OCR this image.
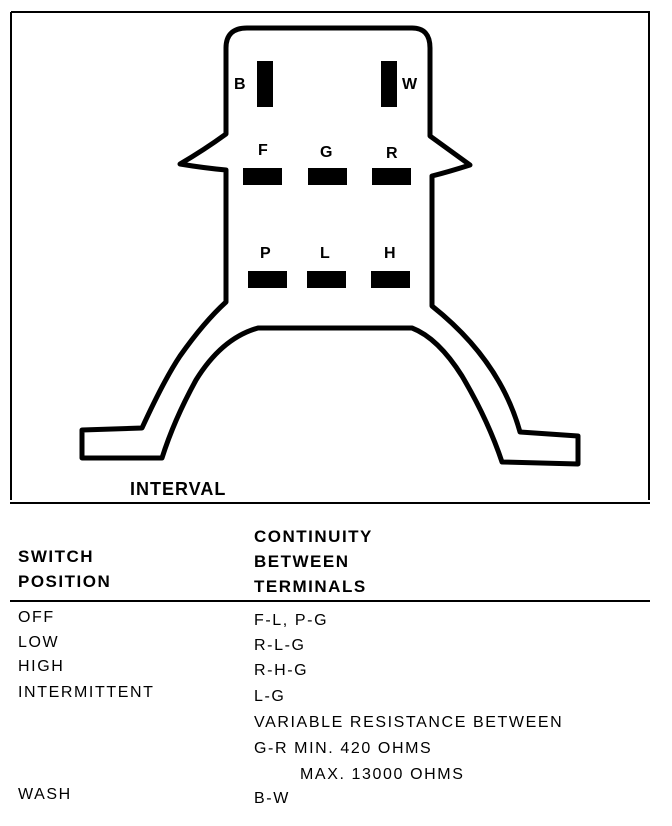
B	W
F	G	R
P	L	H
INTERVAL
SWITCH
POSITION
CONTINUITY
BETWEEN
TERMINALS
OFF	F-L, P-G
LOW	R-L-G
HIGH	R-H-G
INTERMITTENT	L-G
VARIABLE RESISTANCE BETWEEN
G-R MIN. 420 OHMS
MAX. 13000 OHMS
WASH	B-W
